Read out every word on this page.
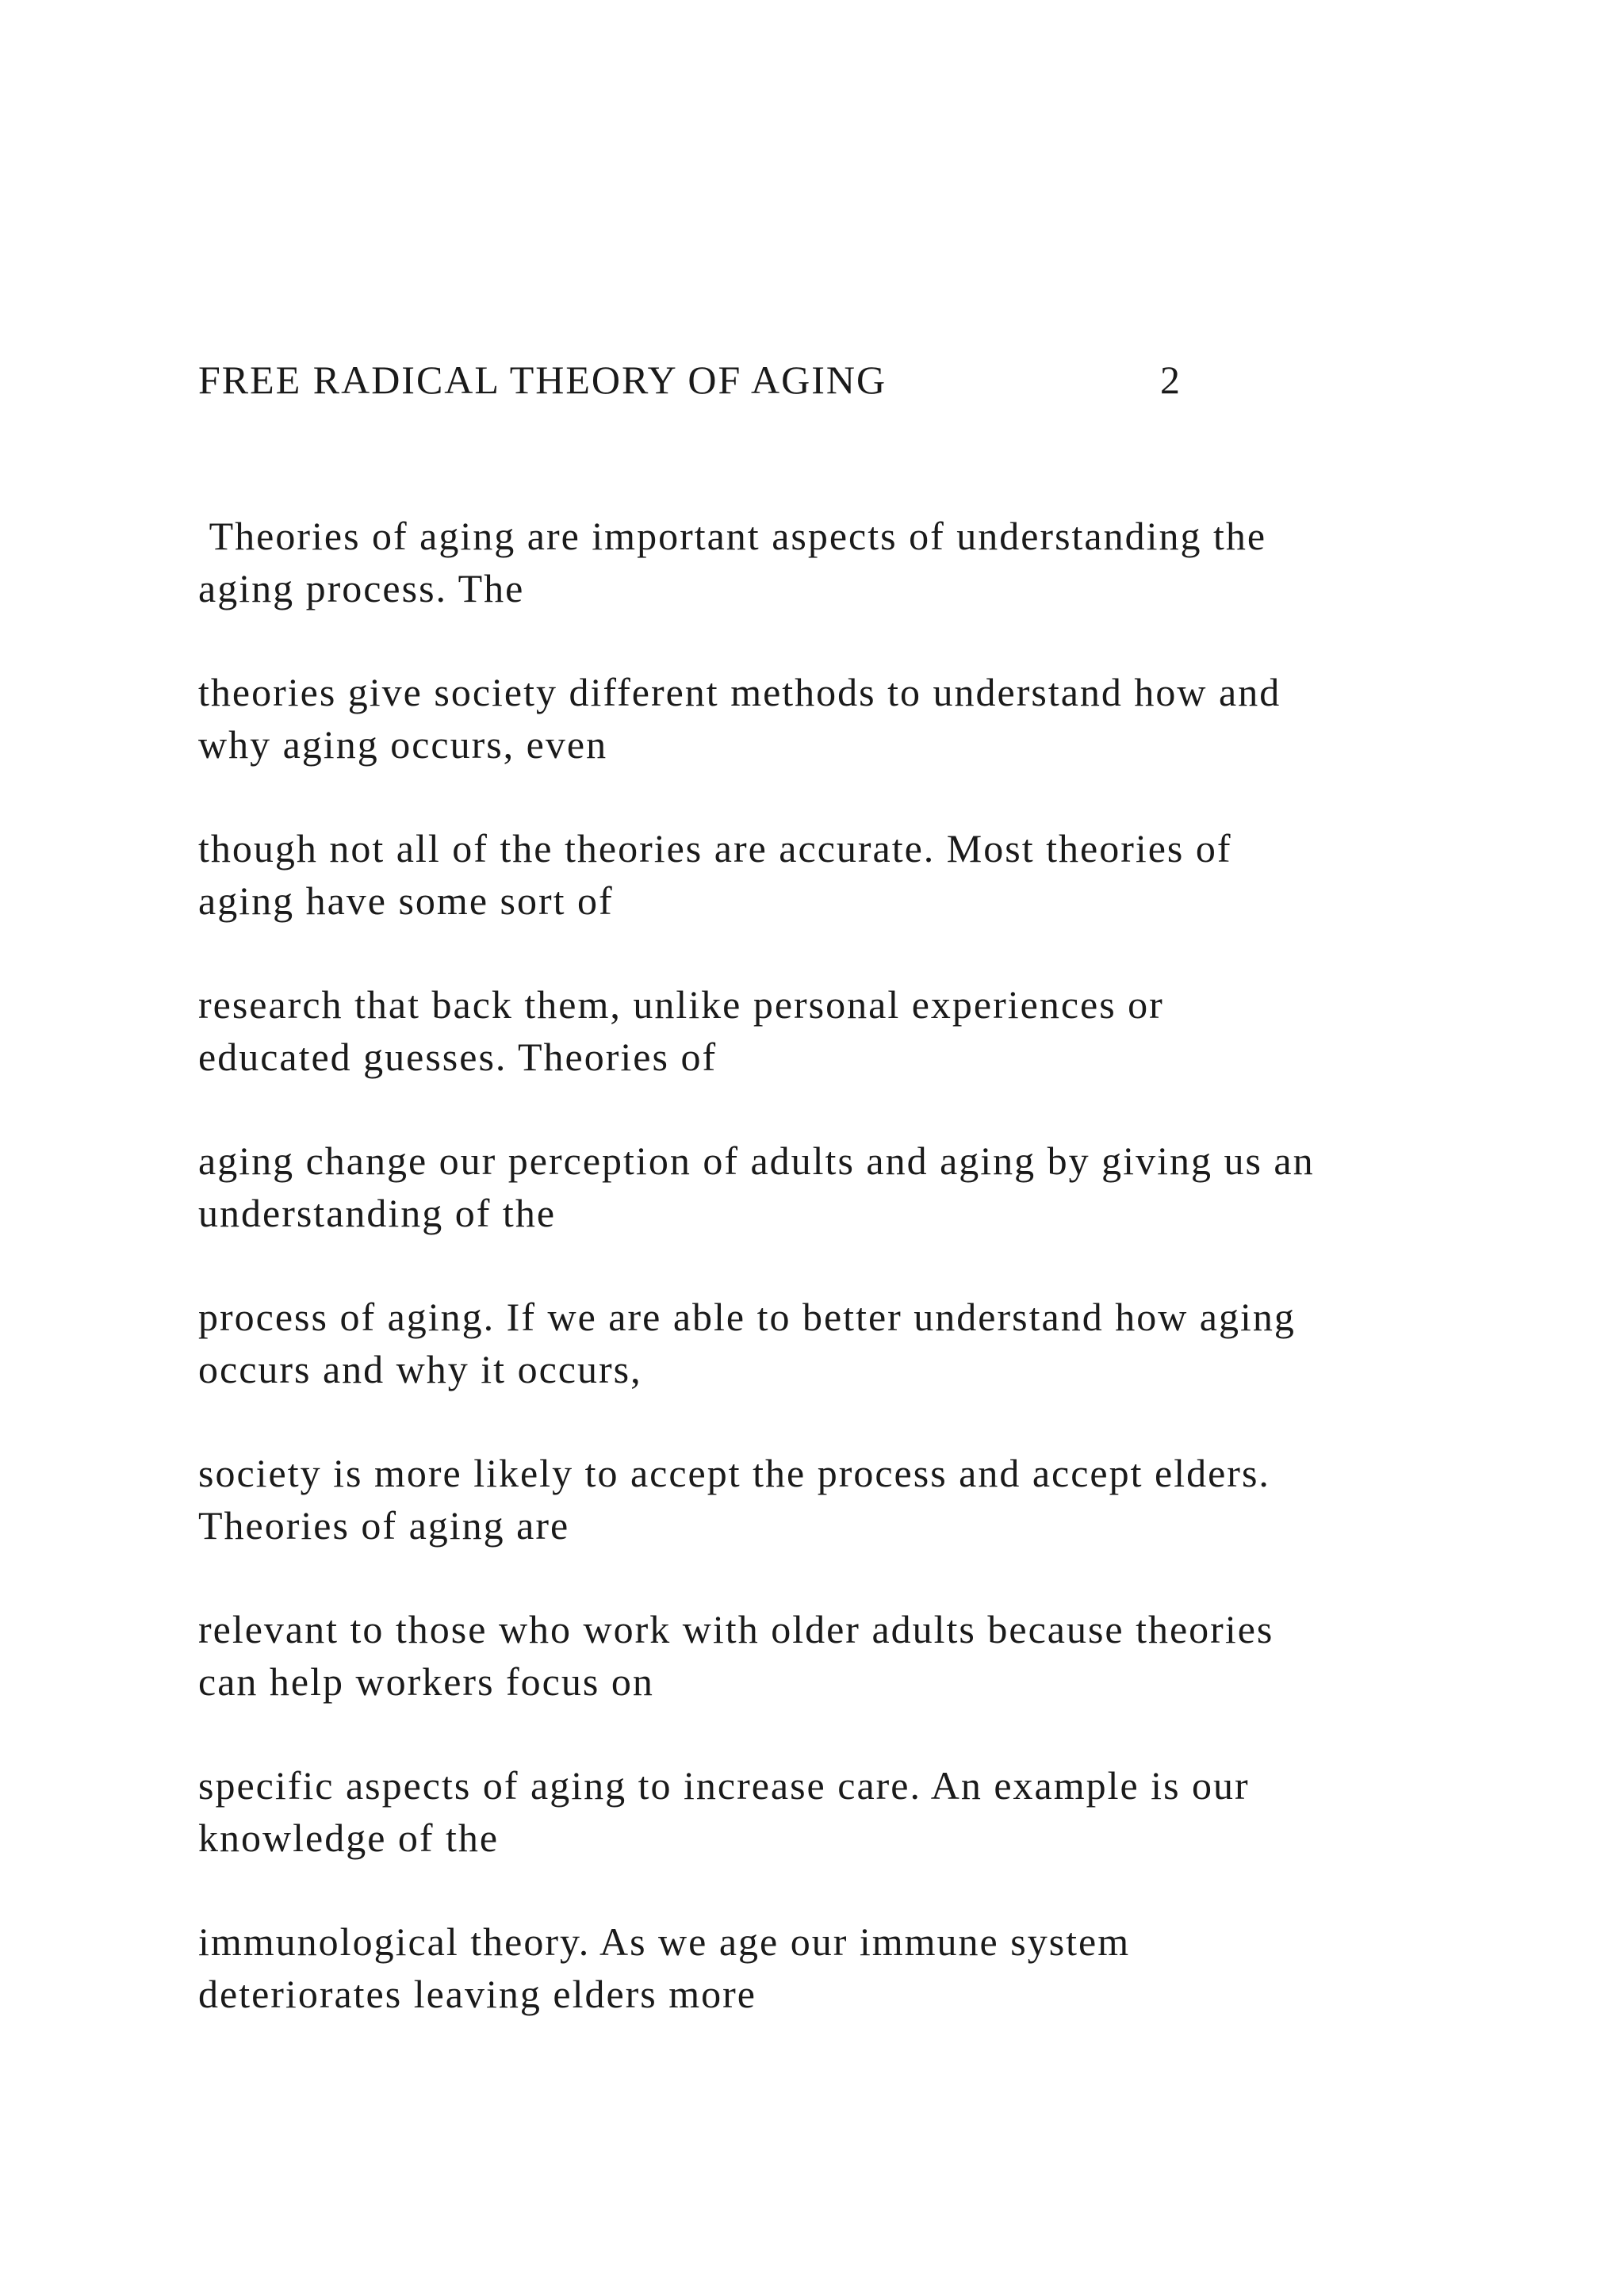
FREE RADICAL THEORY OF AGING	2

Theories of aging are important aspects of understanding the
aging process. The

theories give society different methods to understand how and
why aging occurs, even

though not all of the theories are accurate. Most theories of
aging have some sort of

research that back them, unlike personal experiences or
educated guesses. Theories of

aging change our perception of adults and aging by giving us an
understanding of the

process of aging. If we are able to better understand how aging
occurs and why it occurs,

society is more likely to accept the process and accept elders.
Theories of aging are

relevant to those who work with older adults because theories
can help workers focus on

specific aspects of aging to increase care. An example is our
knowledge of the

immunological theory. As we age our immune system
deteriorates leaving elders more
